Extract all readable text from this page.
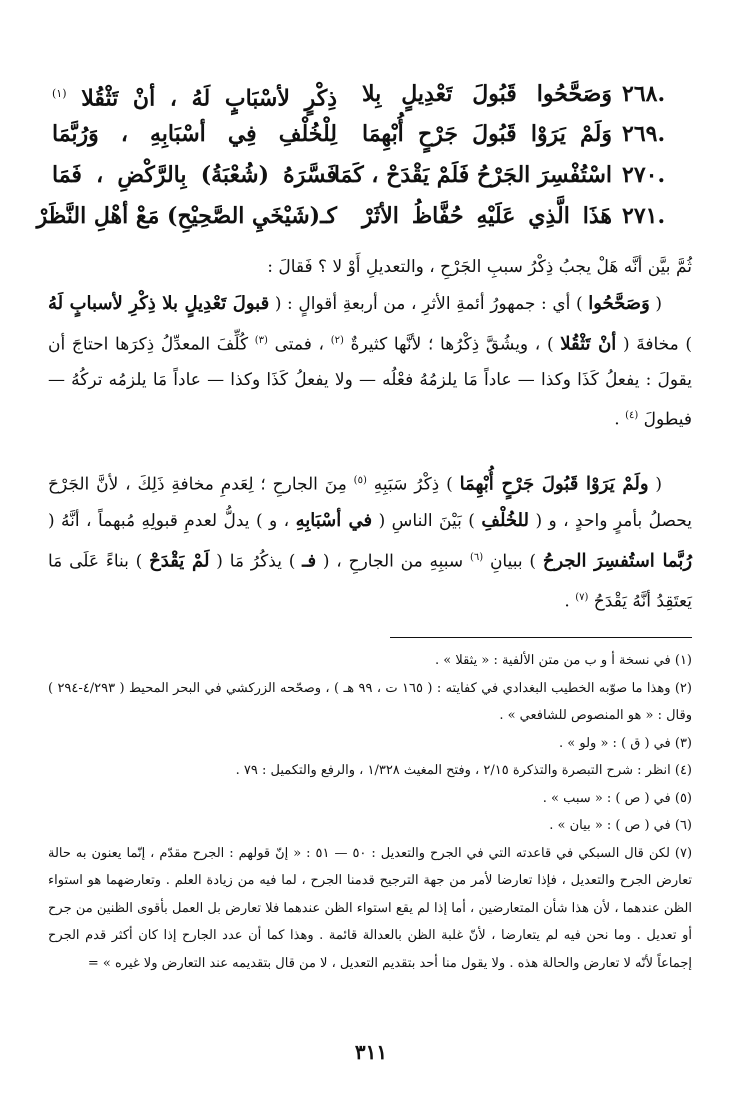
٢٦٨.
وَصَحَّحُوا قَبُولَ تَعْدِيلٍ بِلا
ذِكْرٍ لأسْبَابٍ لَهُ ، أنْ تَثْقُلا $^{(١)}$
٢٦٩.
وَلَمْ يَرَوْا قَبُولَ جَرْحٍ أُبْهِمَا
لِلْخُلْفِ فِي أسْبَابِهِ ، وَرُبَّمَا
٢٧٠.
اسْتُفْسِرَ الجَرْحُ فَلَمْ يَقْدَحْ ، كَمَا
فَسَّرَهُ (شُعْبَةُ) بِالرَّكْضِ ، فَمَا
٢٧١.
هَذَا الَّذِي عَلَيْهِ حُفَّاظُ الأثَرْ
كـ(شَيْخَيِ الصَّحِيْحِ) مَعْ أهْلِ النَّظَرْ
ثُمَّ بيَّن أنَّه هَلْ يجبُ ذِكْرُ سببِ الجَرْحِ ، والتعديلِ أَوْ لا ؟ فَقالَ :
( وَصَحَّحُوا ) أي : جمهورُ أئمةِ الأثرِ ، من أربعةِ أقوالٍ : ( قبولَ تَعْدِيلٍ بلا ذِكْرِ لأسبابٍ لَهُ ) مخافةَ ( أنْ تَثْقُلا ) ، ويشُقَّ ذِكْرُها ؛ لأنَّها كثيرةٌ $^{(٢)}$ ، فمتى $^{(٣)}$ كُلِّفَ المعدِّلُ ذِكرَها احتاجَ أن يقولَ : يفعلُ كَذَا وكذا — عاداً مَا يلزمُهُ فعْلُه — ولا يفعلُ كَذَا وكذا — عاداً مَا يلزمُه تركُهُ — فيطولَ $^{(٤)}$ .
( ولَمْ يَرَوْا قَبُولَ جَرْحٍ أُبْهِمَا ) ذِكْرُ سَبَبِهِ $^{(٥)}$ مِنَ الجارحِ ؛ لِعَدمِ مخافةِ ذَلِكَ ، لأنَّ الجَرْحَ يحصلُ بأمرٍ واحدٍ ، و ( للخُلْفِ ) بَيْنَ الناسِ ( في أسْبَابِهِ ، و ) يدلُّ لعدمِ قبولِهِ مُبهماً ، أنَّهُ ( رُبَّما استُفسِرَ الجرحُ ) ببيانِ $^{(٦)}$ سببِهِ من الجارحِ ، ( فـ ) يذكُرُ مَا ( لَمْ يَقْدَحْ ) بناءً عَلَى مَا يَعتَقِدُ أنَّهُ يَقْدَحُ $^{(٧)}$ .
(١) في نسخة أ و ب من متن الألفية : « يثقلا » .
(٢) وهذا ما صوّبه الخطيب البغدادي في كفايته : ( ١٦٥ ت ، ٩٩ هـ ) ، وصحّحه الزركشي في البحر المحيط ( ٤/٢٩٣-٢٩٤ ) وقال : « هو المنصوص للشافعي » .
(٣) في ( ق ) : « ولو » .
(٤) انظر : شرح التبصرة والتذكرة ٢/١٥ ، وفتح المغيث ١/٣٢٨ ، والرفع والتكميل : ٧٩ .
(٥) في ( ص ) : « سبب » .
(٦) في ( ص ) : « بيان » .
(٧) لكن قال السبكي في قاعدته التي في الجرح والتعديل : ٥٠ — ٥١ : « إنّ قولهم : الجرح مقدّم ، إنّما يعنون به حالة تعارض الجرح والتعديل ، فإذا تعارضا لأمر من جهة الترجيح قدمنا الجرح ، لما فيه من زيادة العلم . وتعارضهما هو استواء الظن عندهما ، لأن هذا شأن المتعارضين ، أما إذا لم يقع استواء الظن عندهما فلا تعارض بل العمل بأقوى الظنين من جرح أو تعديل . وما نحن فيه لم يتعارضا ، لأنّ غلبة الظن بالعدالة قائمة . وهذا كما أن عدد الجارح إذا كان أكثر قدم الجرح إجماعاً لأنّه لا تعارض والحالة هذه . ولا يقول منا أحد بتقديم التعديل ، لا من قال بتقديمه عند التعارض ولا غيره » =
٣١١
